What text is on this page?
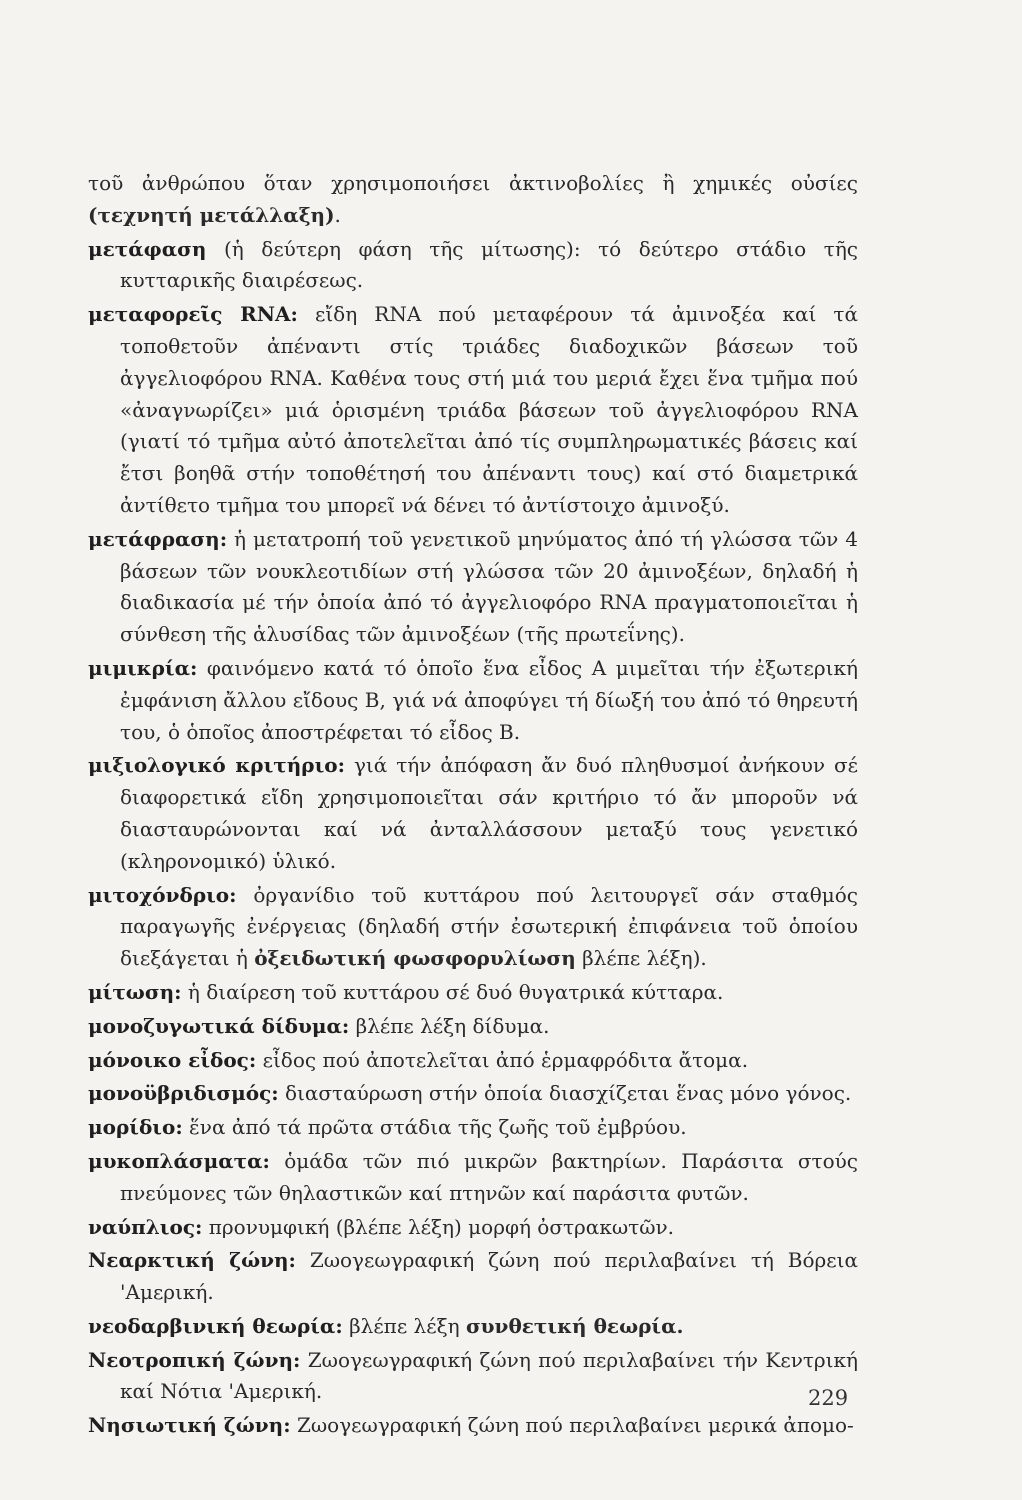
τοῦ ἀνθρώπου ὅταν χρησιμοποιήσει ἀκτινοβολίες ἢ χημικές οὐσίες (τεχνητή μετάλλαξη).

μετάφαση (ἡ δεύτερη φάση τῆς μίτωσης): τό δεύτερο στάδιο τῆς κυτταρικῆς διαιρέσεως.

μεταφορεῖς RNA: εἴδη RNA πού μεταφέρουν τά ἀμινοξέα καί τά τοποθετοῦν ἀπέναντι στίς τριάδες διαδοχικῶν βάσεων τοῦ ἀγγελιοφόρου RNA. Καθένα τους στή μιά του μεριά ἔχει ἕνα τμῆμα πού «ἀναγνωρίζει» μιά ὁρισμένη τριάδα βάσεων τοῦ ἀγγελιοφόρου RNA (γιατί τό τμῆμα αὐτό ἀποτελεῖται ἀπό τίς συμπληρωματικές βάσεις καί ἔτσι βοηθᾶ στήν τοποθέτησή του ἀπέναντι τους) καί στό διαμετρικά ἀντίθετο τμῆμα του μπορεῖ νά δένει τό ἀντίστοιχο ἀμινοξύ.

μετάφραση: ἡ μετατροπή τοῦ γενετικοῦ μηνύματος ἀπό τή γλώσσα τῶν 4 βάσεων τῶν νουκλεοτιδίων στή γλώσσα τῶν 20 ἀμινοξέων, δηλαδή ἡ διαδικασία μέ τήν ὁποία ἀπό τό ἀγγελιοφόρο RNA πραγματοποιεῖται ἡ σύνθεση τῆς ἁλυσίδας τῶν ἀμινοξέων (τῆς πρωτεΐνης).

μιμικρία: φαινόμενο κατά τό ὁποῖο ἕνα εἶδος Α μιμεῖται τήν ἐξωτερική ἐμφάνιση ἄλλου εἴδους Β, γιά νά ἀποφύγει τή δίωξή του ἀπό τό θηρευτή του, ὁ ὁποῖος ἀποστρέφεται τό εἶδος Β.

μιξιολογικό κριτήριο: γιά τήν ἀπόφαση ἄν δυό πληθυσμοί ἀνήκουν σέ διαφορετικά εἴδη χρησιμοποιεῖται σάν κριτήριο τό ἄν μποροῦν νά διασταυρώνονται καί νά ἀνταλλάσσουν μεταξύ τους γενετικό (κληρονομικό) ὑλικό.

μιτοχόνδριο: ὀργανίδιο τοῦ κυττάρου πού λειτουργεῖ σάν σταθμός παραγωγῆς ἐνέργειας (δηλαδή στήν ἐσωτερική ἐπιφάνεια τοῦ ὁποίου διεξάγεται ἡ ὀξειδωτική φωσφορυλίωση βλέπε λέξη).

μίτωση: ἡ διαίρεση τοῦ κυττάρου σέ δυό θυγατρικά κύτταρα.

μονοζυγωτικά δίδυμα: βλέπε λέξη δίδυμα.

μόνοικο εἶδος: εἶδος πού ἀποτελεῖται ἀπό ἑρμαφρόδιτα ἄτομα.

μονοϋβριδισμός: διασταύρωση στήν ὁποία διασχίζεται ἕνας μόνο γόνος.

μορίδιο: ἕνα ἀπό τά πρῶτα στάδια τῆς ζωῆς τοῦ ἐμβρύου.

μυκοπλάσματα: ὁμάδα τῶν πιό μικρῶν βακτηρίων. Παράσιτα στούς πνεύμονες τῶν θηλαστικῶν καί πτηνῶν καί παράσιτα φυτῶν.

ναύπλιος: προνυμφική (βλέπε λέξη) μορφή ὀστρακωτῶν.

Νεαρκτική ζώνη: Ζωογεωγραφική ζώνη πού περιλαβαίνει τή Βόρεια 'Αμερική.

νεοδαρβινική θεωρία: βλέπε λέξη συνθετική θεωρία.

Νεοτροπική ζώνη: Ζωογεωγραφική ζώνη πού περιλαβαίνει τήν Κεντρική καί Νότια 'Αμερική.

Νησιωτική ζώνη: Ζωογεωγραφική ζώνη πού περιλαβαίνει μερικά ἀπομο-

229
